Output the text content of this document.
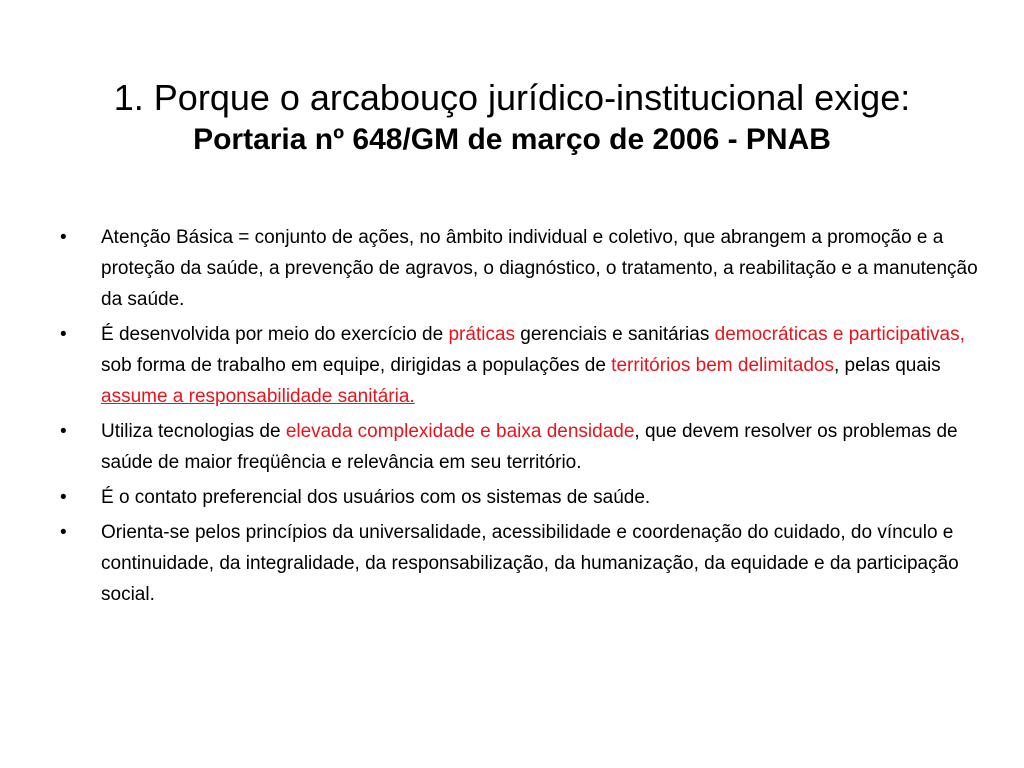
1. Porque o arcabouço jurídico-institucional exige:
Portaria nº 648/GM de março de 2006 - PNAB
• Atenção Básica = conjunto de ações, no âmbito individual e coletivo, que abrangem a promoção e a proteção da saúde, a prevenção de agravos, o diagnóstico, o tratamento, a reabilitação e a manutenção da saúde.
• É desenvolvida por meio do exercício de práticas gerenciais e sanitárias democráticas e participativas, sob forma de trabalho em equipe, dirigidas a populações de territórios bem delimitados, pelas quais assume a responsabilidade sanitária.
• Utiliza tecnologias de elevada complexidade e baixa densidade, que devem resolver os problemas de saúde de maior freqüência e relevância em seu território.
• É o contato preferencial dos usuários com os sistemas de saúde.
• Orienta-se pelos princípios da universalidade, acessibilidade e coordenação do cuidado, do vínculo e continuidade, da integralidade, da responsabilização, da humanização, da equidade e da participação social.
